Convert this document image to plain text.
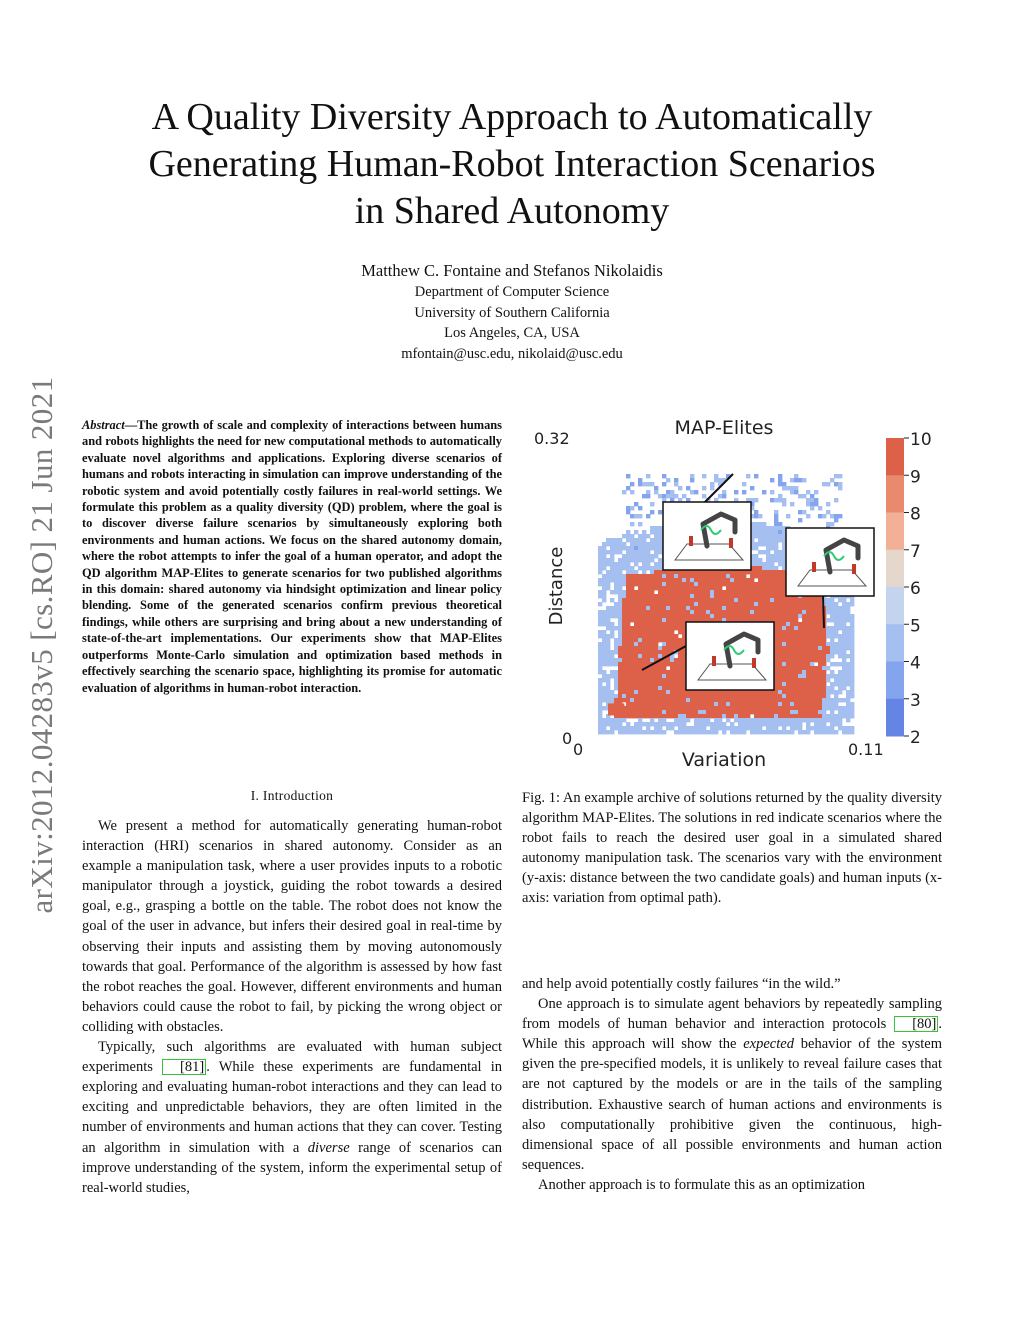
arXiv:2012.04283v5 [cs.RO] 21 Jun 2021
A Quality Diversity Approach to Automatically
Generating Human-Robot Interaction Scenarios
in Shared Autonomy
Matthew C. Fontaine and Stefanos Nikolaidis
Department of Computer Science
University of Southern California
Los Angeles, CA, USA
mfontain@usc.edu, nikolaid@usc.edu
Abstract—The growth of scale and complexity of interactions between humans and robots highlights the need for new computational methods to automatically evaluate novel algorithms and applications. Exploring diverse scenarios of humans and robots interacting in simulation can improve understanding of the robotic system and avoid potentially costly failures in real-world settings. We formulate this problem as a quality diversity (QD) problem, where the goal is to discover diverse failure scenarios by simultaneously exploring both environments and human actions. We focus on the shared autonomy domain, where the robot attempts to infer the goal of a human operator, and adopt the QD algorithm MAP-Elites to generate scenarios for two published algorithms in this domain: shared autonomy via hindsight optimization and linear policy blending. Some of the generated scenarios confirm previous theoretical findings, while others are surprising and bring about a new understanding of state-of-the-art implementations. Our experiments show that MAP-Elites outperforms Monte-Carlo simulation and optimization based methods in effectively searching the scenario space, highlighting its promise for automatic evaluation of algorithms in human-robot interaction.
I. Introduction

We present a method for automatically generating human-robot interaction (HRI) scenarios in shared autonomy. Consider as an example a manipulation task, where a user provides inputs to a robotic manipulator through a joystick, guiding the robot towards a desired goal, e.g., grasping a bottle on the table. The robot does not know the goal of the user in advance, but infers their desired goal in real-time by observing their inputs and assisting them by moving autonomously towards that goal. Performance of the algorithm is assessed by how fast the robot reaches the goal. However, different environments and human behaviors could cause the robot to fail, by picking the wrong object or colliding with obstacles.

Typically, such algorithms are evaluated with human subject experiments [81] . While these experiments are fundamental in exploring and evaluating human-robot interactions and they can lead to exciting and unpredictable behaviors, they are often limited in the number of environments and human actions that they can cover. Testing an algorithm in simulation with a diverse range of scenarios can improve understanding of the system, inform the experimental setup of real-world studies,

MAP-Elites
Distance
Variation
0.32
0
0	0.11
10
9
8
7
6
5
4
3
2
Fig. 1: An example archive of solutions returned by the quality diversity algorithm MAP-Elites. The solutions in red indicate scenarios where the robot fails to reach the desired user goal in a simulated shared autonomy manipulation task. The scenarios vary with the environment (y-axis: distance between the two candidate goals) and human inputs (x-axis: variation from optimal path).

and help avoid potentially costly failures “in the wild.”

One approach is to simulate agent behaviors by repeatedly sampling from models of human behavior and interaction protocols [80] . While this approach will show the expected behavior of the system given the pre-specified models, it is unlikely to reveal failure cases that are not captured by the models or are in the tails of the sampling distribution. Exhaustive search of human actions and environments is also computationally prohibitive given the continuous, high-dimensional space of all possible environments and human action sequences.

Another approach is to formulate this as an optimization
